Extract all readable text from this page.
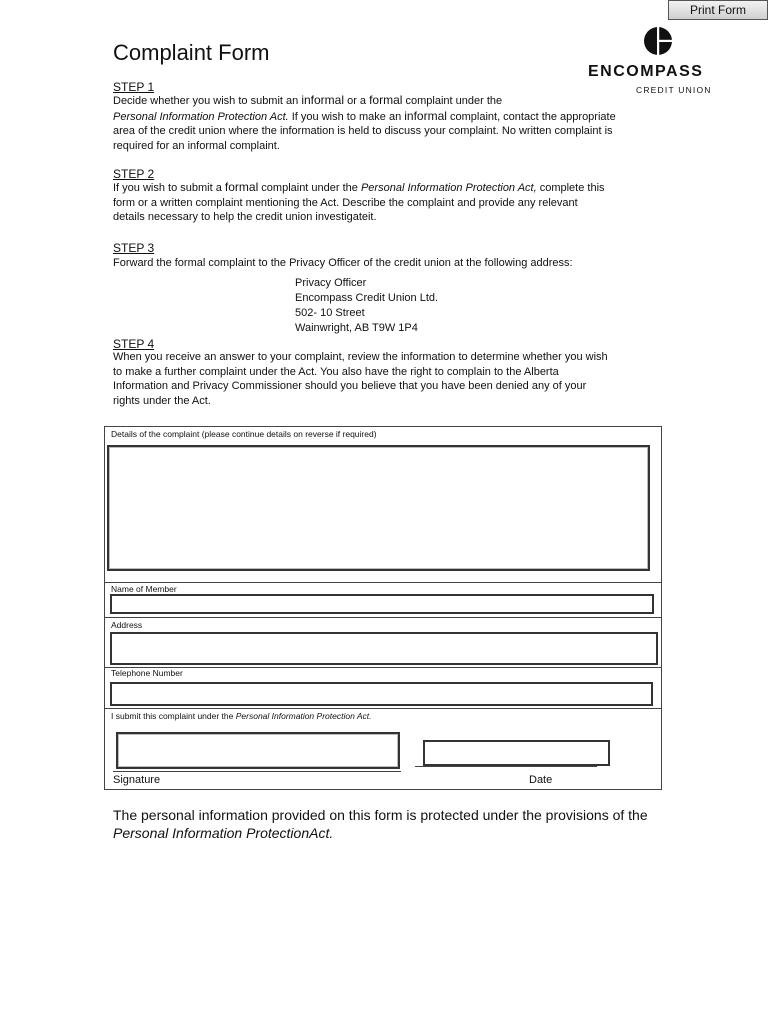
Print Form
Complaint Form
ENCOMPASS
CREDIT UNION
STEP 1
Decide whether you wish to submit an informal or a formal complaint under the
Personal Information Protection Act. If you wish to make an informal complaint, contact the appropriate
area of the credit union where the information is held to discuss your complaint. No written complaint is
required for an informal complaint.
STEP 2
If you wish to submit a formal complaint under the Personal Information Protection Act, complete this
form or a written complaint mentioning the Act. Describe the complaint and provide any relevant
details necessary to help the credit union investigateit.
STEP 3
Forward the formal complaint to the Privacy Officer of the credit union at the following address:
Privacy Officer
Encompass Credit Union Ltd.
502- 10 Street
Wainwright, AB T9W 1P4
STEP 4
When you receive an answer to your complaint, review the information to determine whether you wish
to make a further complaint under the Act. You also have the right to complain to the Alberta
Information and Privacy Commissioner should you believe that you have been denied any of your
rights under the Act.
Details of the complaint (please continue details on reverse if required)
Name of Member
Address
Telephone Number
I submit this complaint under the Personal Information Protection Act.
Signature	Date
The personal information provided on this form is protected under the provisions of the
Personal Information ProtectionAct.
